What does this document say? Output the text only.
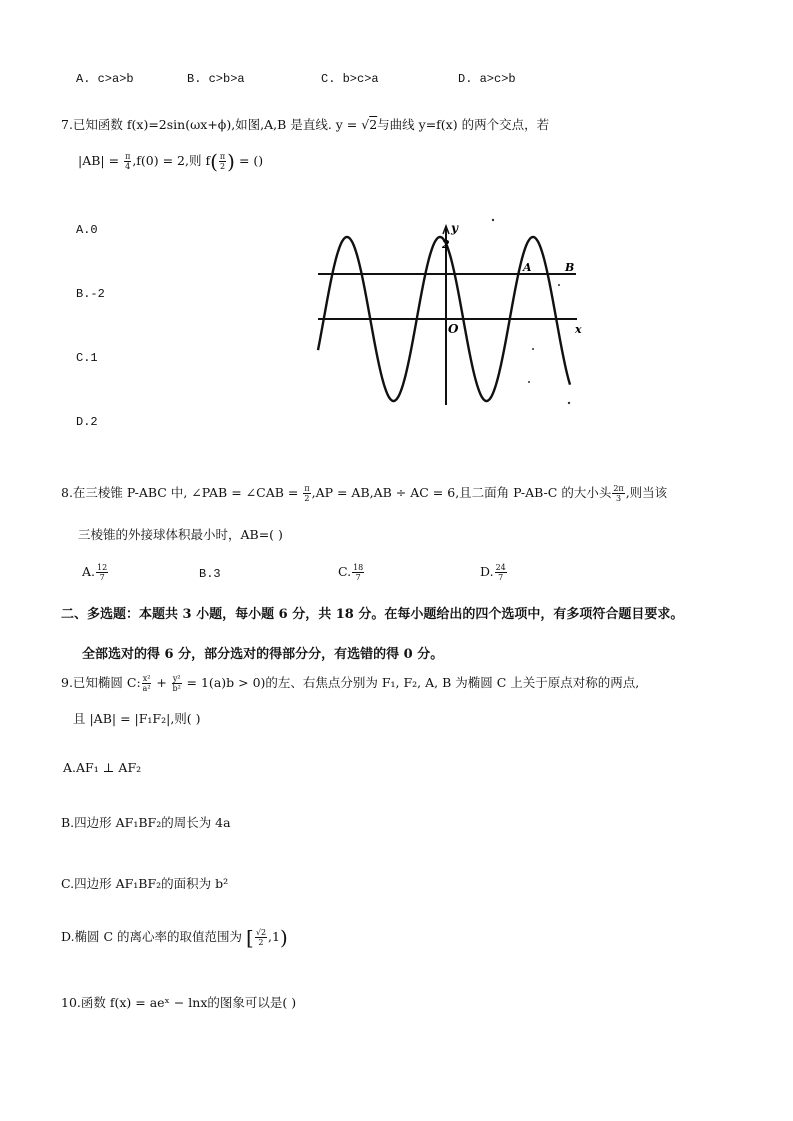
A. c>a>b	B. c>b>a	C. b>c>a	D. a>c>b
7.已知函数 f(x)=2sin(ωx+ϕ),如图,A,B 是直线. y = √2与曲线 y=f(x) 的两个交点，若
$|AB| = \frac{\pi}{4} ,f(0) = 2$,则 $f( \frac{\pi}{2}$ ) = ()
A.0
B.-2
C.1
D.2
y
2
O	x
A	B
8.在三棱锥 P-ABC 中, ∠PAB = ∠CAB = $\frac{\pi}{2} ,AP = AB,AB$ ÷ AC = 6,且二面角 P-AB-C 的大小头 $\frac{2\pi}{3}$ ,则当该
三棱锥的外接球体积最小时，AB=( )
A. $\frac{12}{7}$	B.3	C. $\frac{18}{7}$	D. $\frac{24}{7}$
二、多选题：本题共 3 小题，每小题 6 分，共 18 分。在每小题给出的四个选项中，有多项符合题目要求。
全部选对的得 6 分，部分选对的得部分分，有选错的得 0 分。
9.已知椭圆 C: $\frac{\text{x²}}{\text{a²}} + \frac{\text{y²}}{\text{b²}} = 1(a)b > 0$)的左、右焦点分别为 F₁, F₂, A, B 为椭圆 C 上关于原点对称的两点,
且 |AB| = |F₁F₂|,则( )
A.AF₁ ⊥ AF₂
B.四边形 AF₁BF₂的周长为 4a
C.四边形 AF₁BF₂的面积为 b²
D.椭圆 C 的离心率的取值范围为 [ $\frac{√2}{2} ,1$)
10.函数 f(x) = aeˣ − lnx的图象可以是( )
